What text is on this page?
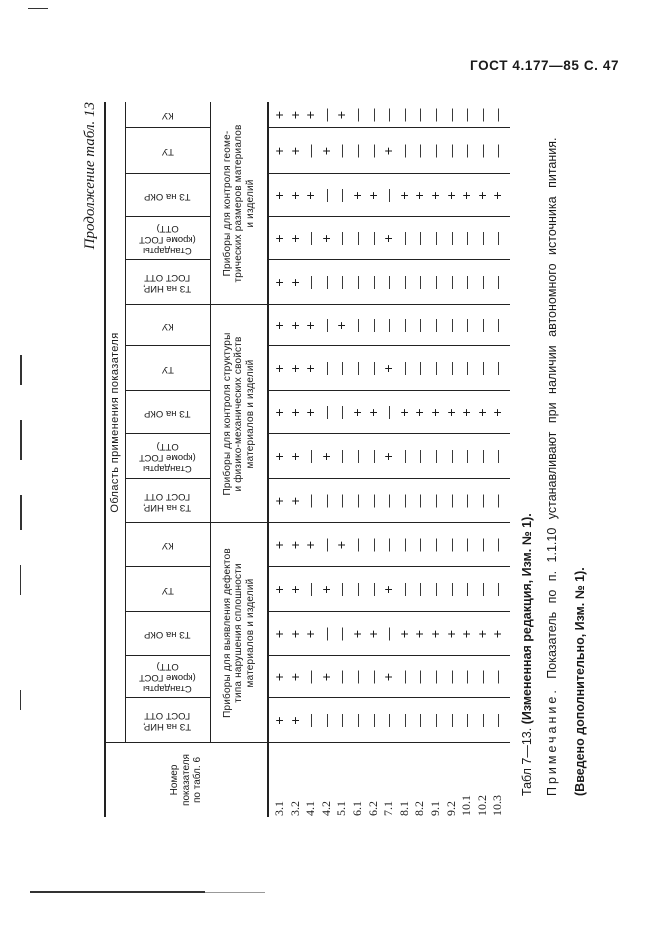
ГОСТ 4.177—85 С. 47
Продолжение табл. 13
Область применения показателя
Номер
показателя
по табл. 6	Табл 7—13. (Измененная редакция, Изм. № 1).
Примечание. Показатель по п. 1.1.10 устанавливают при наличии автономного источника питания.
(Введено дополнительно, Изм. № 1).
Приборы для выявления дефектов
типа нарушения сплошности
материалов и изделий
Приборы для контроля структуры
и физико-механических свойств
материалов и изделий
Приборы для контроля геоме-
трических размеров материалов
и изделий
ТЗ на НИР,
ГОСТ ОТТ
Стандарты
(кроме ГОСТ
ОТТ)
ТЗ на ОКР
ТУ
КУ
ТЗ на НИР,
ГОСТ ОТТ
Стандарты
(кроме ГОСТ
ОТТ)
ТЗ на ОКР
ТУ
КУ
ТЗ на НИР,
ГОСТ ОТТ
Стандарты
(кроме ГОСТ
ОТТ)
ТЗ на ОКР
ТУ
КУ
3.1 3.2 4.1 4.2 5.1 6.1 6.2 7.1 8.1 8.2 9.1 9.2 10.1 10.2 10.3
+ + — — — — — — — — — — — — —
+ + — + — — — + — — — — — — —
+ + + — — + + — + + + + + + +
+ + — + — — — + — — — — — — —
+ + + — + — — — — — — — — — —
+ + — — — — — — — — — — — — —
+ + — + — — — + — — — — — — —
+ + + — — + + — + + + + + + +
+ + + — — — — + — — — — — — —
+ + + — + — — — — — — — — — —
+ + — — — — — — — — — — — — —
+ + — + — — — + — — — — — — —
+ + + — — + + — + + + + + + +
+ + — + — — — + — — — — — — —
+ + + — + — — — — — — — — — —
